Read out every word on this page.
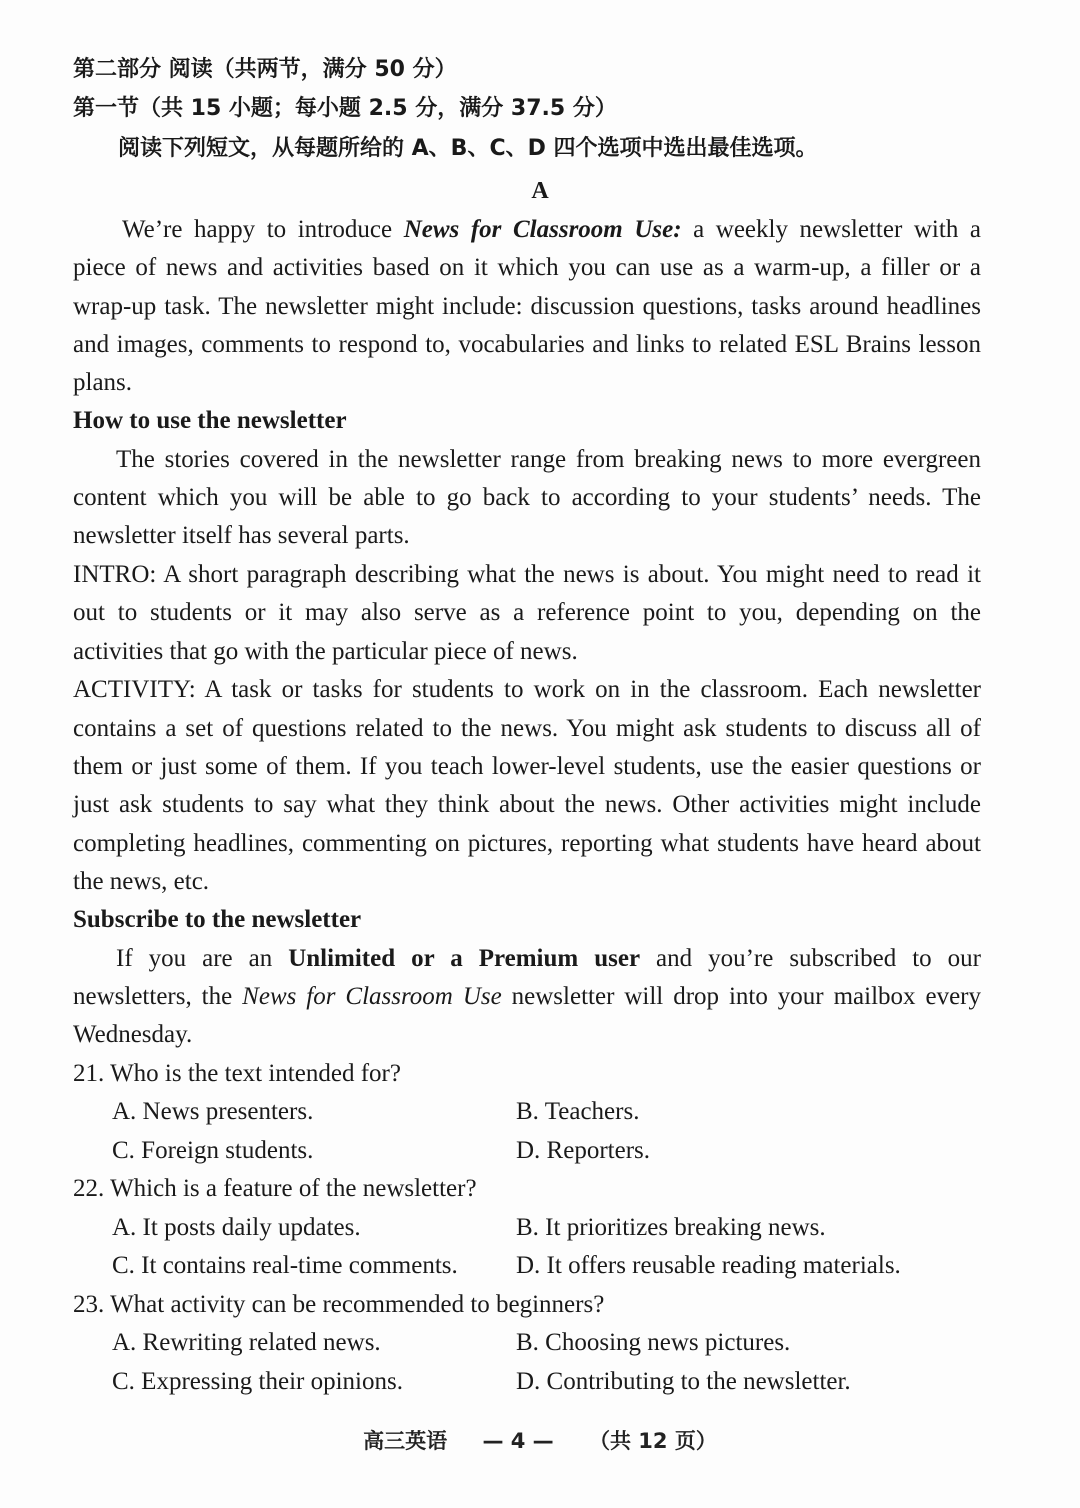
第二部分 阅读（共两节，满分 50 分）
第一节（共 15 小题；每小题 2.5 分，满分 37.5 分）
阅读下列短文，从每题所给的 A、B、C、D 四个选项中选出最佳选项。
A
We’re happy to introduce News for Classroom Use: a weekly newsletter with a
piece of news and activities based on it which you can use as a warm-up, a filler or a
wrap-up task. The newsletter might include: discussion questions, tasks around headlines
and images, comments to respond to, vocabularies and links to related ESL Brains lesson
plans.
How to use the newsletter
The stories covered in the newsletter range from breaking news to more evergreen
content which you will be able to go back to according to your students’ needs. The
newsletter itself has several parts.
INTRO: A short paragraph describing what the news is about. You might need to read it
out to students or it may also serve as a reference point to you, depending on the
activities that go with the particular piece of news.
ACTIVITY: A task or tasks for students to work on in the classroom. Each newsletter
contains a set of questions related to the news. You might ask students to discuss all of
them or just some of them. If you teach lower-level students, use the easier questions or
just ask students to say what they think about the news. Other activities might include
completing headlines, commenting on pictures, reporting what students have heard about
the news, etc.
Subscribe to the newsletter
If you are an Unlimited or a Premium user and you’re subscribed to our
newsletters, the News for Classroom Use newsletter will drop into your mailbox every
Wednesday.
21. Who is the text intended for?
A. News presenters.	B. Teachers.
C. Foreign students.	D. Reporters.
22. Which is a feature of the newsletter?
A. It posts daily updates.	B. It prioritizes breaking news.
C. It contains real-time comments. D. It offers reusable reading materials.
23. What activity can be recommended to beginners?
A. Rewriting related news.	B. Choosing news pictures.
C. Expressing their opinions.	D. Contributing to the newsletter.
高三英语 — 4 — （共 12 页）
